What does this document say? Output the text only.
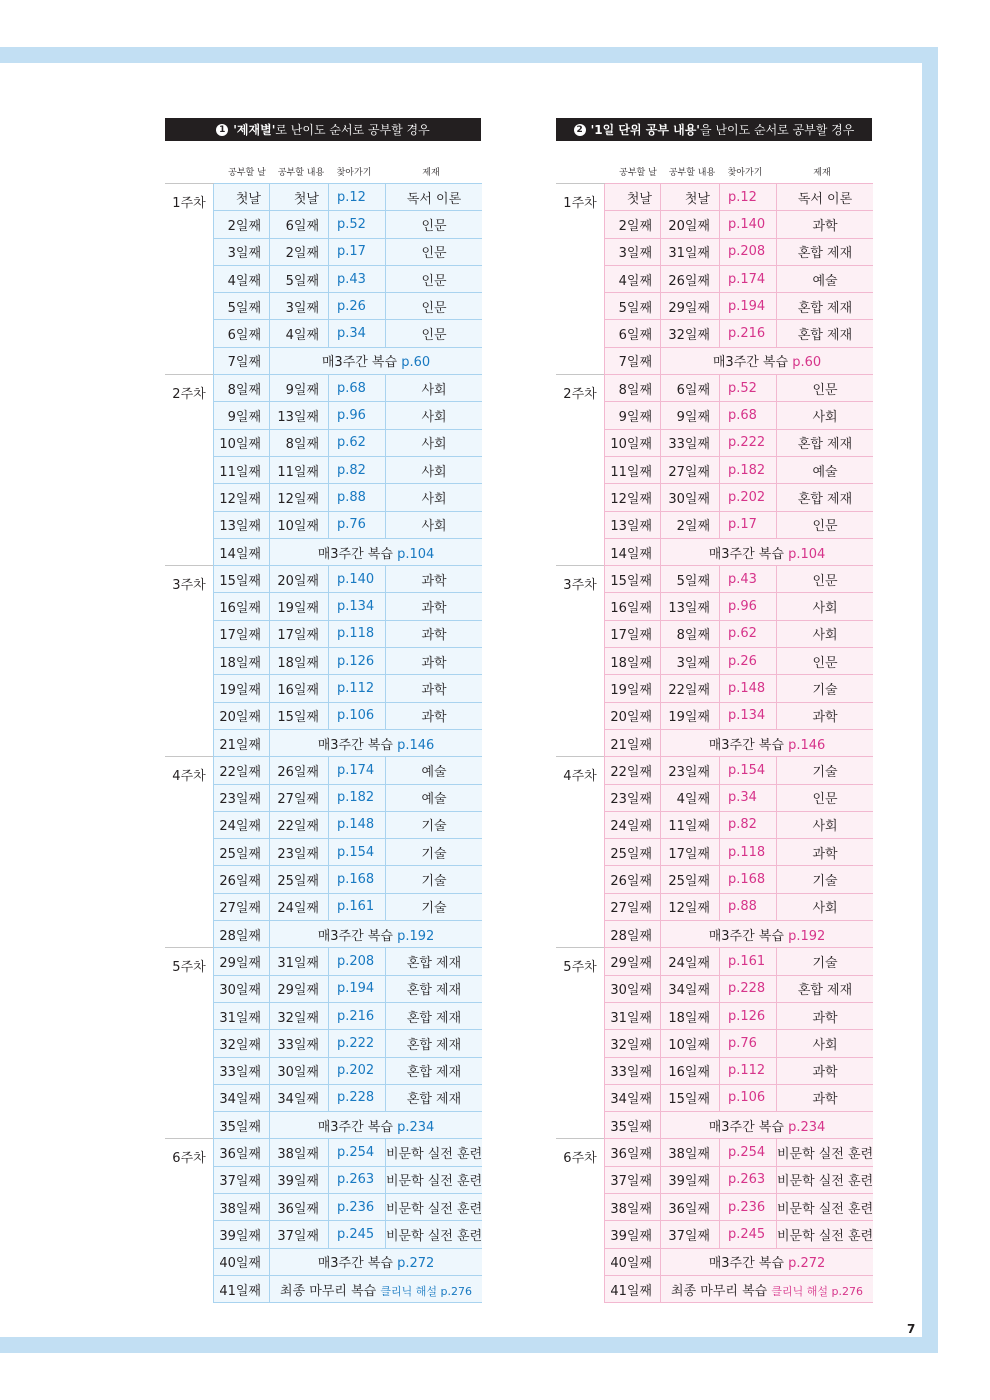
7
1 '제재별' 로 난이도 순서로 공부할 경우
공부할 날	공부할 내용	찾아가기	제재
1주차	첫날	첫날	p.12	독서 이론
	2일째	6일째	p.52	인문
	3일째	2일째	p.17	인문
	4일째	5일째	p.43	인문
	5일째	3일째	p.26	인문
	6일째	4일째	p.34	인문
	7일째	매3주간 복습 p.60		
2주차	8일째	9일째	p.68	사회
	9일째	13일째	p.96	사회
	10일째	8일째	p.62	사회
	11일째	11일째	p.82	사회
	12일째	12일째	p.88	사회
	13일째	10일째	p.76	사회
	14일째	매3주간 복습 p.104		
3주차	15일째	20일째	p.140	과학
	16일째	19일째	p.134	과학
	17일째	17일째	p.118	과학
	18일째	18일째	p.126	과학
	19일째	16일째	p.112	과학
	20일째	15일째	p.106	과학
	21일째	매3주간 복습 p.146		
4주차	22일째	26일째	p.174	예술
	23일째	27일째	p.182	예술
	24일째	22일째	p.148	기술
	25일째	23일째	p.154	기술
	26일째	25일째	p.168	기술
	27일째	24일째	p.161	기술
	28일째	매3주간 복습 p.192		
5주차	29일째	31일째	p.208	혼합 제재
	30일째	29일째	p.194	혼합 제재
	31일째	32일째	p.216	혼합 제재
	32일째	33일째	p.222	혼합 제재
	33일째	30일째	p.202	혼합 제재
	34일째	34일째	p.228	혼합 제재
	35일째	매3주간 복습 p.234		
6주차	36일째	38일째	p.254	비문학 실전 훈련
	37일째	39일째	p.263	비문학 실전 훈련
	38일째	36일째	p.236	비문학 실전 훈련
	39일째	37일째	p.245	비문학 실전 훈련
	40일째	매3주간 복습 p.272		
	41일째	최종 마무리 복습 클리닉 해설 p.276		
2 '1일 단위 공부 내용' 을 난이도 순서로 공부할 경우
공부할 날	공부할 내용	찾아가기	제재
1주차	첫날	첫날	p.12	독서 이론
	2일째	20일째	p.140	과학
	3일째	31일째	p.208	혼합 제재
	4일째	26일째	p.174	예술
	5일째	29일째	p.194	혼합 제재
	6일째	32일째	p.216	혼합 제재
	7일째	매3주간 복습 p.60		
2주차	8일째	6일째	p.52	인문
	9일째	9일째	p.68	사회
	10일째	33일째	p.222	혼합 제재
	11일째	27일째	p.182	예술
	12일째	30일째	p.202	혼합 제재
	13일째	2일째	p.17	인문
	14일째	매3주간 복습 p.104		
3주차	15일째	5일째	p.43	인문
	16일째	13일째	p.96	사회
	17일째	8일째	p.62	사회
	18일째	3일째	p.26	인문
	19일째	22일째	p.148	기술
	20일째	19일째	p.134	과학
	21일째	매3주간 복습 p.146		
4주차	22일째	23일째	p.154	기술
	23일째	4일째	p.34	인문
	24일째	11일째	p.82	사회
	25일째	17일째	p.118	과학
	26일째	25일째	p.168	기술
	27일째	12일째	p.88	사회
	28일째	매3주간 복습 p.192		
5주차	29일째	24일째	p.161	기술
	30일째	34일째	p.228	혼합 제재
	31일째	18일째	p.126	과학
	32일째	10일째	p.76	사회
	33일째	16일째	p.112	과학
	34일째	15일째	p.106	과학
	35일째	매3주간 복습 p.234		
6주차	36일째	38일째	p.254	비문학 실전 훈련
	37일째	39일째	p.263	비문학 실전 훈련
	38일째	36일째	p.236	비문학 실전 훈련
	39일째	37일째	p.245	비문학 실전 훈련
	40일째	매3주간 복습 p.272		
	41일째	최종 마무리 복습 클리닉 해설 p.276		
